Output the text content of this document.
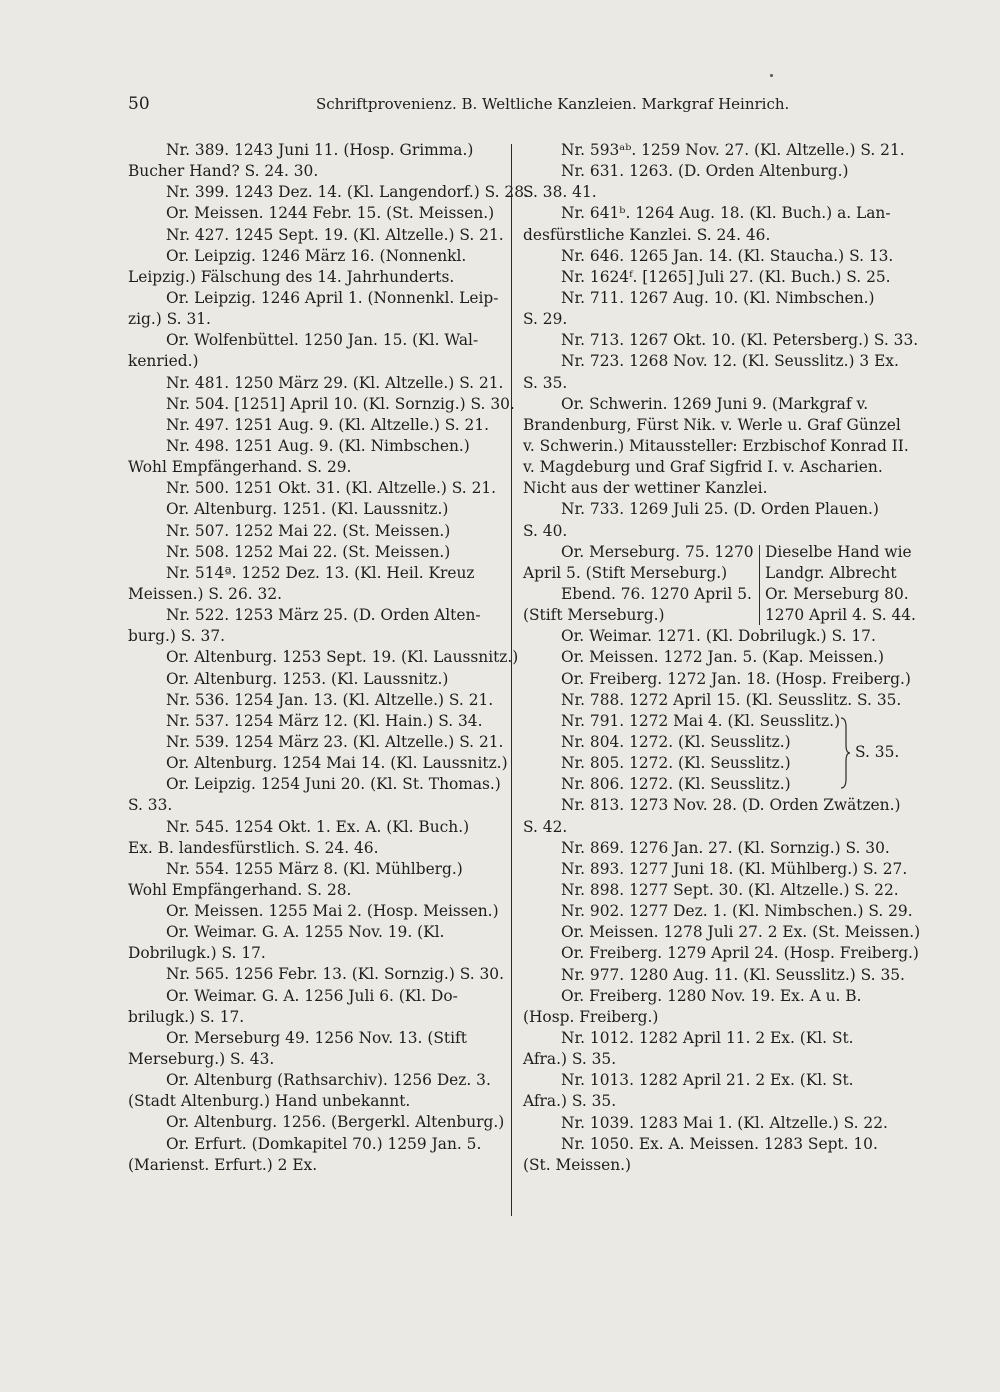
50	Schriftprovenienz. B. Weltliche Kanzleien. Markgraf Heinrich.
Nr. 389. 1243 Juni 11. (Hosp. Grimma.)
Bucher Hand? S. 24. 30.
Nr. 399. 1243 Dez. 14. (Kl. Langendorf.) S. 28.
Or. Meissen. 1244 Febr. 15. (St. Meissen.)
Nr. 427. 1245 Sept. 19. (Kl. Altzelle.) S. 21.
Or. Leipzig. 1246 März 16. (Nonnenkl.
Leipzig.) Fälschung des 14. Jahrhunderts.
Or. Leipzig. 1246 April 1. (Nonnenkl. Leip-
zig.) S. 31.
Or. Wolfenbüttel. 1250 Jan. 15. (Kl. Wal-
kenried.)
Nr. 481. 1250 März 29. (Kl. Altzelle.) S. 21.
Nr. 504. [1251] April 10. (Kl. Sornzig.) S. 30.
Nr. 497. 1251 Aug. 9. (Kl. Altzelle.) S. 21.
Nr. 498. 1251 Aug. 9. (Kl. Nimbschen.)
Wohl Empfängerhand. S. 29.
Nr. 500. 1251 Okt. 31. (Kl. Altzelle.) S. 21.
Or. Altenburg. 1251. (Kl. Laussnitz.)
Nr. 507. 1252 Mai 22. (St. Meissen.)
Nr. 508. 1252 Mai 22. (St. Meissen.)
Nr. 514ª. 1252 Dez. 13. (Kl. Heil. Kreuz
Meissen.) S. 26. 32.
Nr. 522. 1253 März 25. (D. Orden Alten-
burg.) S. 37.
Or. Altenburg. 1253 Sept. 19. (Kl. Laussnitz.)
Or. Altenburg. 1253. (Kl. Laussnitz.)
Nr. 536. 1254 Jan. 13. (Kl. Altzelle.) S. 21.
Nr. 537. 1254 März 12. (Kl. Hain.) S. 34.
Nr. 539. 1254 März 23. (Kl. Altzelle.) S. 21.
Or. Altenburg. 1254 Mai 14. (Kl. Laussnitz.)
Or. Leipzig. 1254 Juni 20. (Kl. St. Thomas.)
S. 33.
Nr. 545. 1254 Okt. 1. Ex. A. (Kl. Buch.)
Ex. B. landesfürstlich. S. 24. 46.
Nr. 554. 1255 März 8. (Kl. Mühlberg.)
Wohl Empfängerhand. S. 28.
Or. Meissen. 1255 Mai 2. (Hosp. Meissen.)
Or. Weimar. G. A. 1255 Nov. 19. (Kl.
Dobrilugk.) S. 17.
Nr. 565. 1256 Febr. 13. (Kl. Sornzig.) S. 30.
Or. Weimar. G. A. 1256 Juli 6. (Kl. Do-
brilugk.) S. 17.
Or. Merseburg 49. 1256 Nov. 13. (Stift
Merseburg.) S. 43.
Or. Altenburg (Rathsarchiv). 1256 Dez. 3.
(Stadt Altenburg.) Hand unbekannt.
Or. Altenburg. 1256. (Bergerkl. Altenburg.)
Or. Erfurt. (Domkapitel 70.) 1259 Jan. 5.
(Marienst. Erfurt.) 2 Ex.
Nr. 593ᵃᵇ. 1259 Nov. 27. (Kl. Altzelle.) S. 21.
Nr. 631. 1263. (D. Orden Altenburg.)
S. 38. 41.
Nr. 641ᵇ. 1264 Aug. 18. (Kl. Buch.) a. Lan-
desfürstliche Kanzlei. S. 24. 46.
Nr. 646. 1265 Jan. 14. (Kl. Staucha.) S. 13.
Nr. 1624ᶠ. [1265] Juli 27. (Kl. Buch.) S. 25.
Nr. 711. 1267 Aug. 10. (Kl. Nimbschen.)
S. 29.
Nr. 713. 1267 Okt. 10. (Kl. Petersberg.) S. 33.
Nr. 723. 1268 Nov. 12. (Kl. Seusslitz.) 3 Ex.
S. 35.
Or. Schwerin. 1269 Juni 9. (Markgraf v.
Brandenburg, Fürst Nik. v. Werle u. Graf Günzel
v. Schwerin.) Mitaussteller: Erzbischof Konrad II.
v. Magdeburg und Graf Sigfrid I. v. Ascharien.
Nicht aus der wettiner Kanzlei.
Nr. 733. 1269 Juli 25. (D. Orden Plauen.)
S. 40.
Or. Merseburg. 75. 1270
April 5. (Stift Merseburg.)
Ebend. 76. 1270 April 5.
(Stift Merseburg.)
Dieselbe Hand wie
Landgr. Albrecht
Or. Merseburg 80.
1270 April 4. S. 44.
Or. Weimar. 1271. (Kl. Dobrilugk.) S. 17.
Or. Meissen. 1272 Jan. 5. (Kap. Meissen.)
Or. Freiberg. 1272 Jan. 18. (Hosp. Freiberg.)
Nr. 788. 1272 April 15. (Kl. Seusslitz. S. 35.
Nr. 791. 1272 Mai 4. (Kl. Seusslitz.)
Nr. 804. 1272. (Kl. Seusslitz.)
Nr. 805. 1272. (Kl. Seusslitz.)
Nr. 806. 1272. (Kl. Seusslitz.)
S. 35.
Nr. 813. 1273 Nov. 28. (D. Orden Zwätzen.)
S. 42.
Nr. 869. 1276 Jan. 27. (Kl. Sornzig.) S. 30.
Nr. 893. 1277 Juni 18. (Kl. Mühlberg.) S. 27.
Nr. 898. 1277 Sept. 30. (Kl. Altzelle.) S. 22.
Nr. 902. 1277 Dez. 1. (Kl. Nimbschen.) S. 29.
Or. Meissen. 1278 Juli 27. 2 Ex. (St. Meissen.)
Or. Freiberg. 1279 April 24. (Hosp. Freiberg.)
Nr. 977. 1280 Aug. 11. (Kl. Seusslitz.) S. 35.
Or. Freiberg. 1280 Nov. 19. Ex. A u. B.
(Hosp. Freiberg.)
Nr. 1012. 1282 April 11. 2 Ex. (Kl. St.
Afra.) S. 35.
Nr. 1013. 1282 April 21. 2 Ex. (Kl. St.
Afra.) S. 35.
Nr. 1039. 1283 Mai 1. (Kl. Altzelle.) S. 22.
Nr. 1050. Ex. A. Meissen. 1283 Sept. 10.
(St. Meissen.)
